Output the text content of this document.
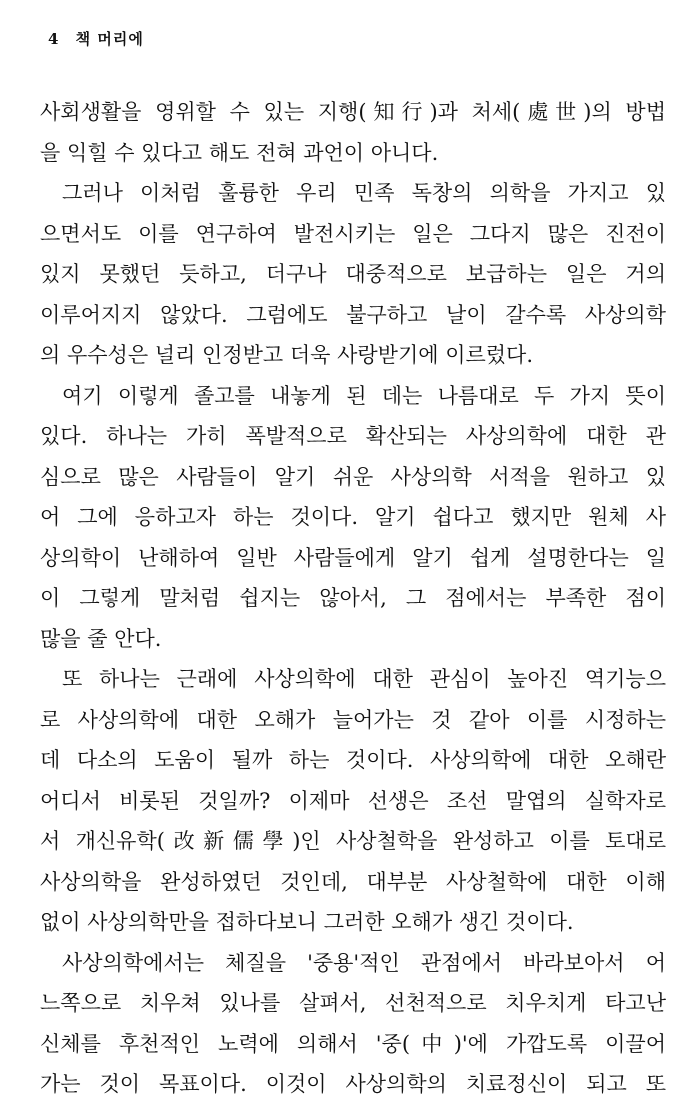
4 책 머리에
사회생활을 영위할 수 있는 지행(知行)과 처세(處世)의 방법
을 익힐 수 있다고 해도 전혀 과언이 아니다.
그러나 이처럼 훌륭한 우리 민족 독창의 의학을 가지고 있
으면서도 이를 연구하여 발전시키는 일은 그다지 많은 진전이
있지 못했던 듯하고, 더구나 대중적으로 보급하는 일은 거의
이루어지지 않았다. 그럼에도 불구하고 날이 갈수록 사상의학
의 우수성은 널리 인정받고 더욱 사랑받기에 이르렀다.
여기 이렇게 졸고를 내놓게 된 데는 나름대로 두 가지 뜻이
있다. 하나는 가히 폭발적으로 확산되는 사상의학에 대한 관
심으로 많은 사람들이 알기 쉬운 사상의학 서적을 원하고 있
어 그에 응하고자 하는 것이다. 알기 쉽다고 했지만 원체 사
상의학이 난해하여 일반 사람들에게 알기 쉽게 설명한다는 일
이 그렇게 말처럼 쉽지는 않아서, 그 점에서는 부족한 점이
많을 줄 안다.
또 하나는 근래에 사상의학에 대한 관심이 높아진 역기능으
로 사상의학에 대한 오해가 늘어가는 것 같아 이를 시정하는
데 다소의 도움이 될까 하는 것이다. 사상의학에 대한 오해란
어디서 비롯된 것일까? 이제마 선생은 조선 말엽의 실학자로
서 개신유학(改新儒學)인 사상철학을 완성하고 이를 토대로
사상의학을 완성하였던 것인데, 대부분 사상철학에 대한 이해
없이 사상의학만을 접하다보니 그러한 오해가 생긴 것이다.
사상의학에서는 체질을 '중용'적인 관점에서 바라보아서 어
느쪽으로 치우쳐 있나를 살펴서, 선천적으로 치우치게 타고난
신체를 후천적인 노력에 의해서 '중(中)'에 가깝도록 이끌어
가는 것이 목표이다. 이것이 사상의학의 치료정신이 되고 또
